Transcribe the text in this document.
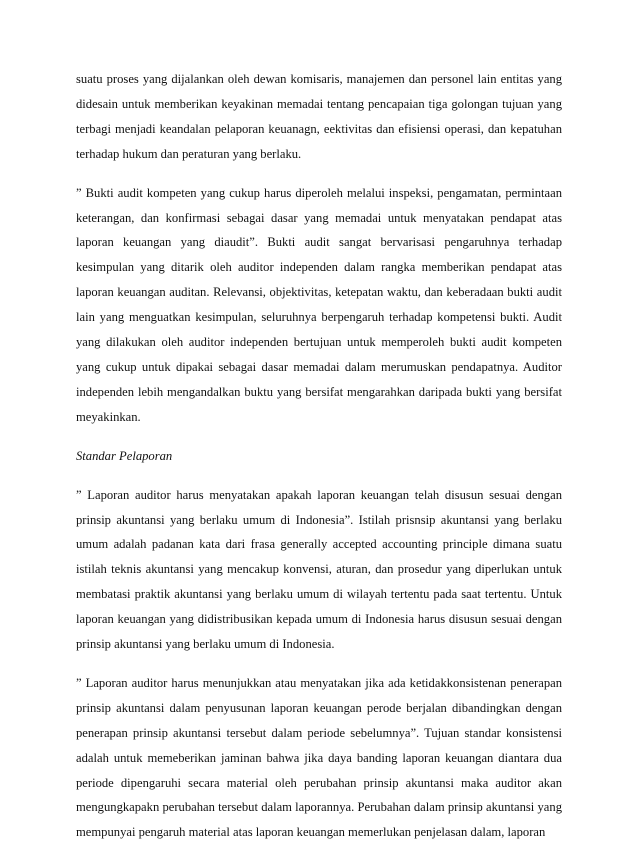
suatu proses yang dijalankan oleh dewan komisaris, manajemen dan personel lain entitas yang didesain untuk memberikan keyakinan memadai tentang pencapaian tiga golongan tujuan yang terbagi menjadi keandalan pelaporan keuanagn, eektivitas dan efisiensi operasi, dan kepatuhan terhadap hukum dan peraturan yang berlaku.

” Bukti audit kompeten yang cukup harus diperoleh melalui inspeksi, pengamatan, permintaan keterangan, dan konfirmasi sebagai dasar yang memadai untuk menyatakan pendapat atas laporan keuangan yang diaudit”. Bukti audit sangat bervarisasi pengaruhnya terhadap kesimpulan yang ditarik oleh auditor independen dalam rangka memberikan pendapat atas laporan keuangan auditan. Relevansi, objektivitas, ketepatan waktu, dan keberadaan bukti audit lain yang menguatkan kesimpulan, seluruhnya berpengaruh terhadap kompetensi bukti. Audit yang dilakukan oleh auditor independen bertujuan untuk memperoleh bukti audit kompeten yang cukup untuk dipakai sebagai dasar memadai dalam merumuskan pendapatnya. Auditor independen lebih mengandalkan buktu yang bersifat mengarahkan daripada bukti yang bersifat meyakinkan.

Standar Pelaporan

” Laporan auditor harus menyatakan apakah laporan keuangan telah disusun sesuai dengan prinsip akuntansi yang berlaku umum di Indonesia”. Istilah prisnsip akuntansi yang berlaku umum adalah padanan kata dari frasa generally accepted accounting principle dimana suatu istilah teknis akuntansi yang mencakup konvensi, aturan, dan prosedur yang diperlukan untuk membatasi praktik akuntansi yang berlaku umum di wilayah tertentu pada saat tertentu. Untuk laporan keuangan yang didistribusikan kepada umum di Indonesia harus disusun sesuai dengan prinsip akuntansi yang berlaku umum di Indonesia.

” Laporan auditor harus menunjukkan atau menyatakan jika ada ketidakkonsistenan penerapan prinsip akuntansi dalam penyusunan laporan keuangan perode berjalan dibandingkan dengan penerapan prinsip akuntansi tersebut dalam periode sebelumnya”. Tujuan standar konsistensi adalah untuk memeberikan jaminan bahwa jika daya banding laporan keuangan diantara dua periode dipengaruhi secara material oleh perubahan prinsip akuntansi maka auditor akan mengungkapakn perubahan tersebut dalam laporannya. Perubahan dalam prinsip akuntansi yang mempunyai pengaruh material atas laporan keuangan memerlukan penjelasan dalam, laporan
